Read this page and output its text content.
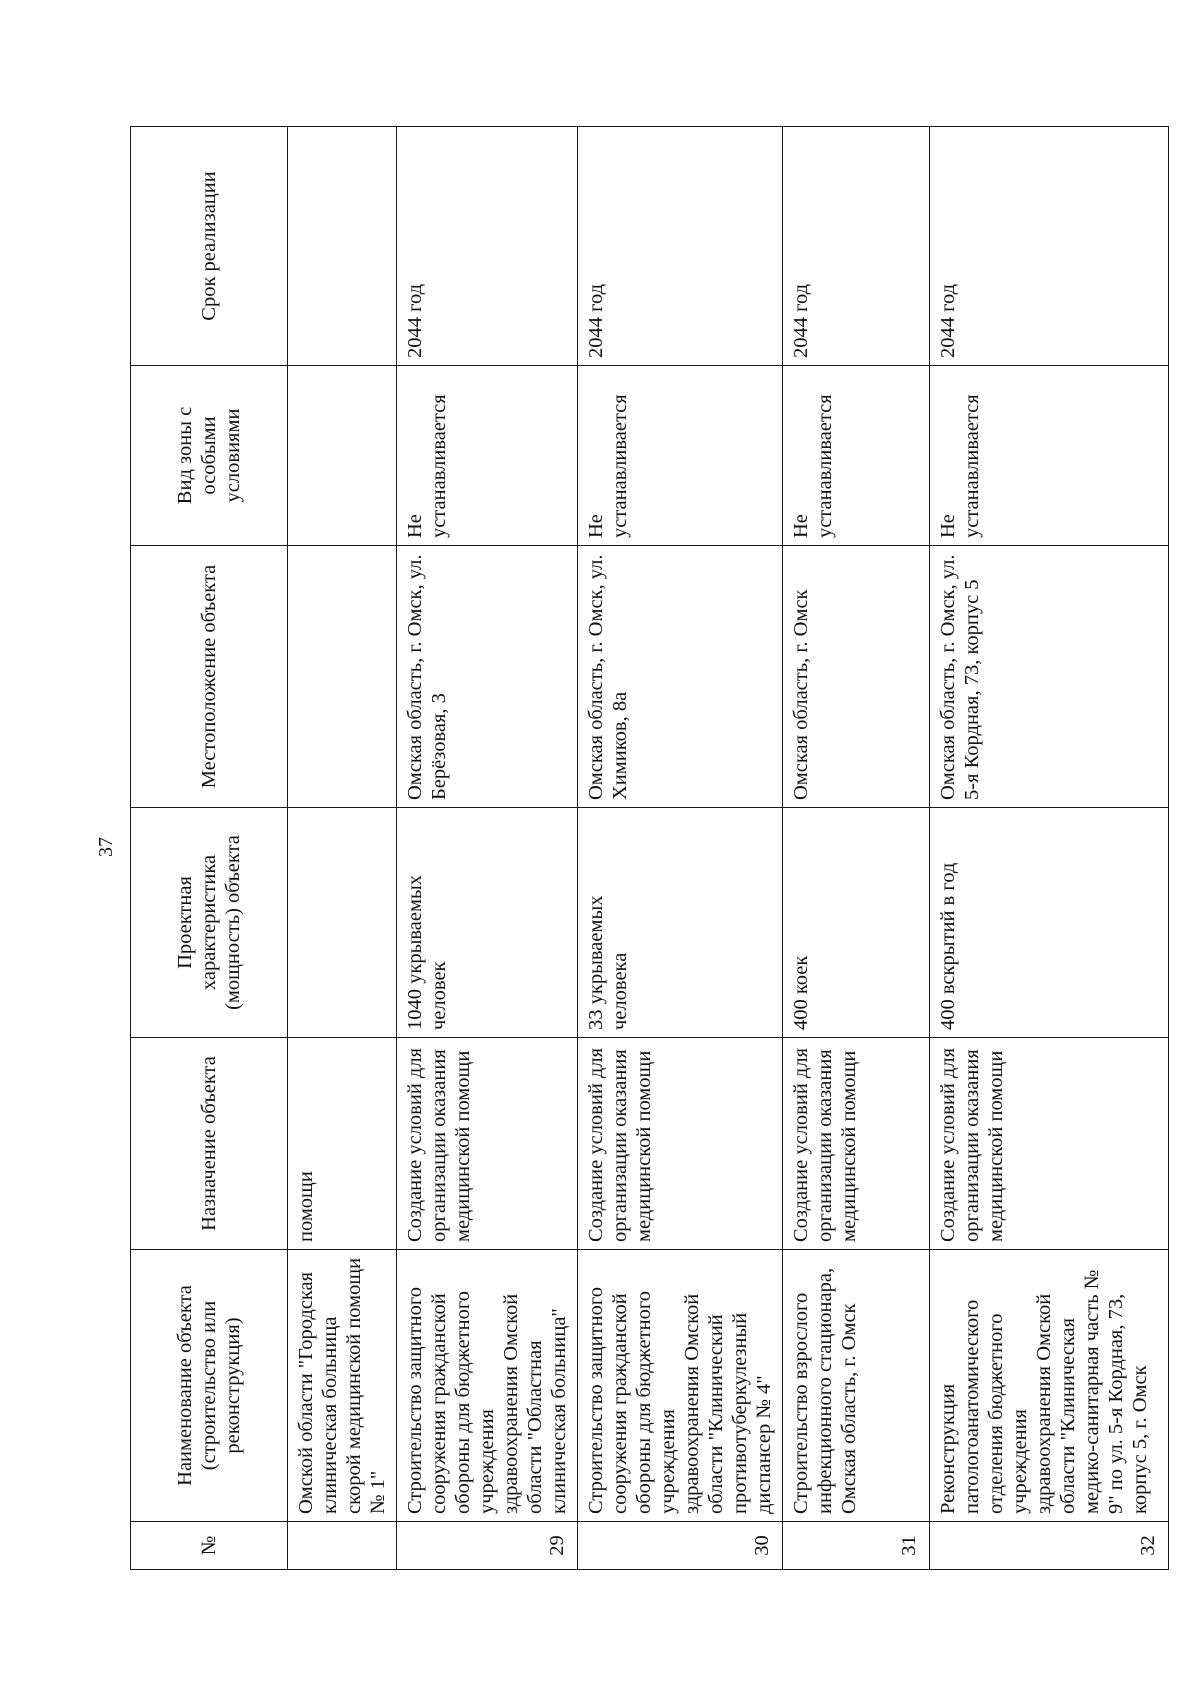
37
№	Наименование объекта (строительство или реконструкция)	Назначение объекта	Проектная характеристика (мощность) объекта	Местоположение объекта	Вид зоны с особыми условиями	Срок реализации
	Омской области "Городская клиническая больница скорой медицинской помощи № 1"	помощи				
29	Строительство защитного сооружения гражданской обороны для бюджетного учреждения здравоохранения Омской области "Областная клиническая больница"	Создание условий для организации оказания медицинской помощи	1040 укрываемых человек	Омская область, г. Омск, ул. Берёзовая, 3	Не устанавливается	2044 год
30	Строительство защитного сооружения гражданской обороны для бюджетного учреждения здравоохранения Омской области "Клинический противотуберкулезный диспансер № 4"	Создание условий для организации оказания медицинской помощи	33 укрываемых человека	Омская область, г. Омск, ул. Химиков, 8а	Не устанавливается	2044 год
31	Строительство взрослого инфекционного стационара, Омская область, г. Омск	Создание условий для организации оказания медицинской помощи	400 коек	Омская область, г. Омск	Не устанавливается	2044 год
32	Реконструкция патологоанатомического отделения бюджетного учреждения здравоохранения Омской области "Клиническая медико-санитарная часть № 9" по ул. 5-я Кордная, 73, корпус 5, г. Омск	Создание условий для организации оказания медицинской помощи	400 вскрытий в год	Омская область, г. Омск, ул. 5-я Кордная, 73, корпус 5	Не устанавливается	2044 год
